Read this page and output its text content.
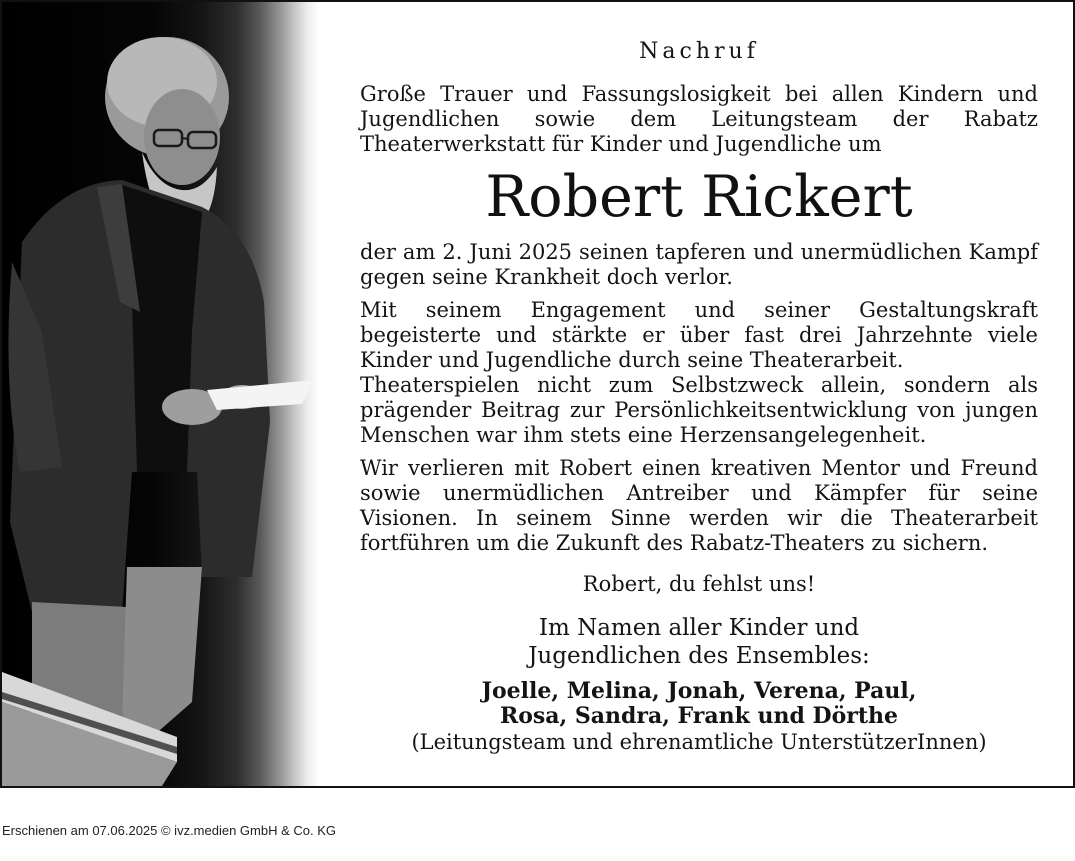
Nachruf
Große Trauer und Fassungslosigkeit bei allen Kindern und Jugendlichen sowie dem Leitungsteam der Rabatz Theaterwerkstatt für Kinder und Jugendliche um
Robert Rickert
der am 2. Juni 2025 seinen tapferen und unermüdlichen Kampf gegen seine Krankheit doch verlor.
Mit seinem Engagement und seiner Gestaltungskraft begeisterte und stärkte er über fast drei Jahrzehnte viele Kinder und Jugendliche durch seine Theaterarbeit.
Theaterspielen nicht zum Selbstzweck allein, sondern als prägender Beitrag zur Persönlichkeitsentwicklung von jungen Menschen war ihm stets eine Herzensangelegenheit.
Wir verlieren mit Robert einen kreativen Mentor und Freund sowie unermüdlichen Antreiber und Kämpfer für seine Visionen. In seinem Sinne werden wir die Theaterarbeit fortführen um die Zukunft des Rabatz-Theaters zu sichern.
Robert, du fehlst uns!
Im Namen aller Kinder und
Jugendlichen des Ensembles:
Joelle, Melina, Jonah, Verena, Paul,
Rosa, Sandra, Frank und Dörthe
(Leitungsteam und ehrenamtliche UnterstützerInnen)
Erschienen am 07.06.2025 © ivz.medien GmbH & Co. KG
